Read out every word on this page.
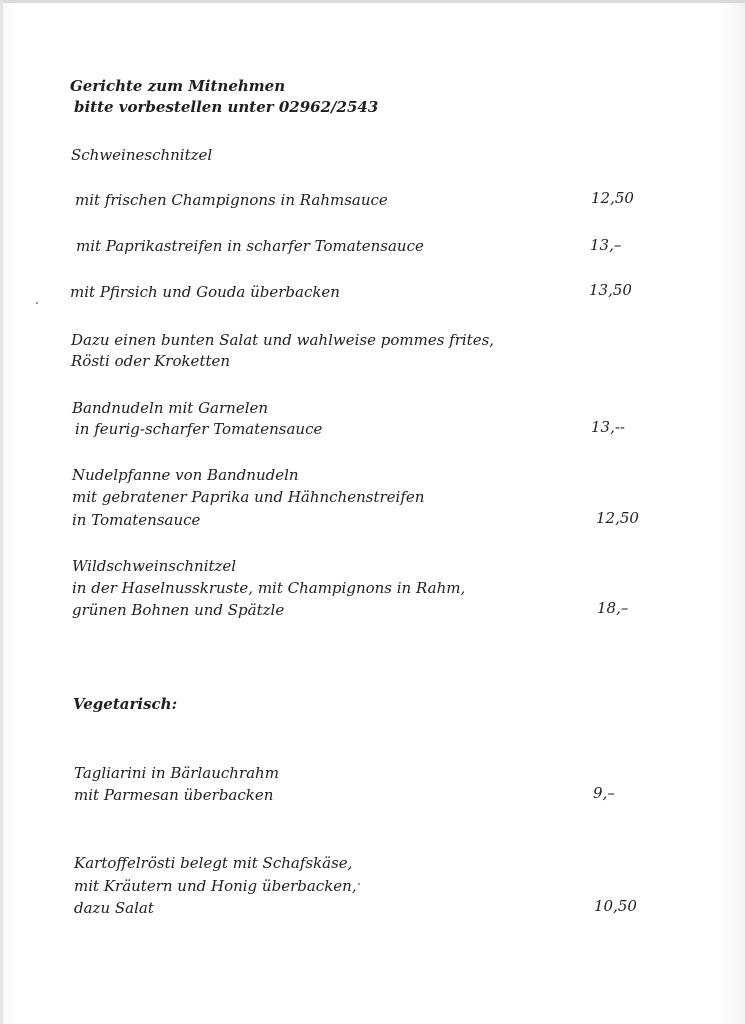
Gerichte zum Mitnehmen
bitte vorbestellen unter 02962/2543
Schweineschnitzel
mit frischen Champignons in Rahmsauce	12,50
mit Paprikastreifen in scharfer Tomatensauce	13,–
mit Pfirsich und Gouda überbacken	13,50
Dazu einen bunten Salat und wahlweise pommes frites,
Rösti oder Kroketten
Bandnudeln mit Garnelen
in feurig-scharfer Tomatensauce	13,--
Nudelpfanne von Bandnudeln
mit gebratener Paprika und Hähnchenstreifen
in Tomatensauce	12,50
Wildschweinschnitzel
in der Haselnusskruste, mit Champignons in Rahm,
grünen Bohnen und Spätzle	18,–
Vegetarisch:
Tagliarini in Bärlauchrahm
mit Parmesan überbacken	9,–
Kartoffelrösti belegt mit Schafskäse,
mit Kräutern und Honig überbacken,
dazu Salat	10,50
